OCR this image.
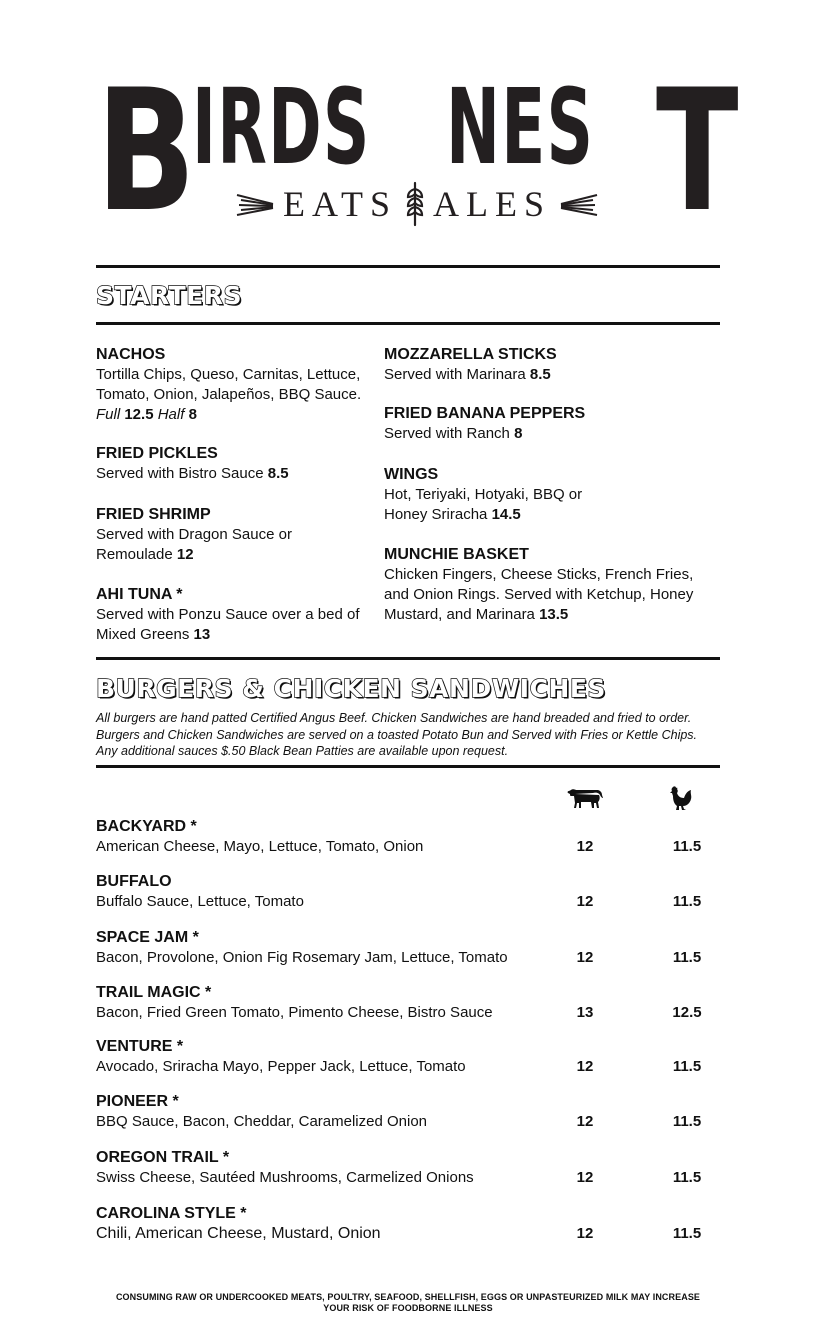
B
IRDS NES T
EATS ALES
STARTERS
NACHOS
Tortilla Chips, Queso, Carnitas, Lettuce, Tomato, Onion, Jalapeños, BBQ Sauce. Full 12.5 Half 8
FRIED PICKLES
Served with Bistro Sauce 8.5
FRIED SHRIMP
Served with Dragon Sauce or Remoulade 12
AHI TUNA *
Served with Ponzu Sauce over a bed of Mixed Greens 13
MOZZARELLA STICKS
Served with Marinara 8.5
FRIED BANANA PEPPERS
Served with Ranch 8
WINGS
Hot, Teriyaki, Hotyaki, BBQ or Honey Sriracha 14.5
MUNCHIE BASKET
Chicken Fingers, Cheese Sticks, French Fries, and Onion Rings. Served with Ketchup, Honey Mustard, and Marinara 13.5
BURGERS & CHICKEN SANDWICHES
All burgers are hand patted Certified Angus Beef. Chicken Sandwiches are hand breaded and fried to order. Burgers and Chicken Sandwiches are served on a toasted Potato Bun and Served with Fries or Kettle Chips. Any additional sauces $.50 Black Bean Patties are available upon request.
BACKYARD *
American Cheese, Mayo, Lettuce, Tomato, Onion	12	11.5
BUFFALO
Buffalo Sauce, Lettuce, Tomato	12	11.5
SPACE JAM *
Bacon, Provolone, Onion Fig Rosemary Jam, Lettuce, Tomato	12	11.5
TRAIL MAGIC *
Bacon, Fried Green Tomato, Pimento Cheese, Bistro Sauce	13	12.5
VENTURE *
Avocado, Sriracha Mayo, Pepper Jack, Lettuce, Tomato	12	11.5
PIONEER *
BBQ Sauce, Bacon, Cheddar, Caramelized Onion	12	11.5
OREGON TRAIL *
Swiss Cheese, Sautéed Mushrooms, Carmelized Onions	12	11.5
CAROLINA STYLE *
Chili, American Cheese, Mustard, Onion	12	11.5
CONSUMING RAW OR UNDERCOOKED MEATS, POULTRY, SEAFOOD, SHELLFISH, EGGS OR UNPASTEURIZED MILK MAY INCREASE
YOUR RISK OF FOODBORNE ILLNESS
